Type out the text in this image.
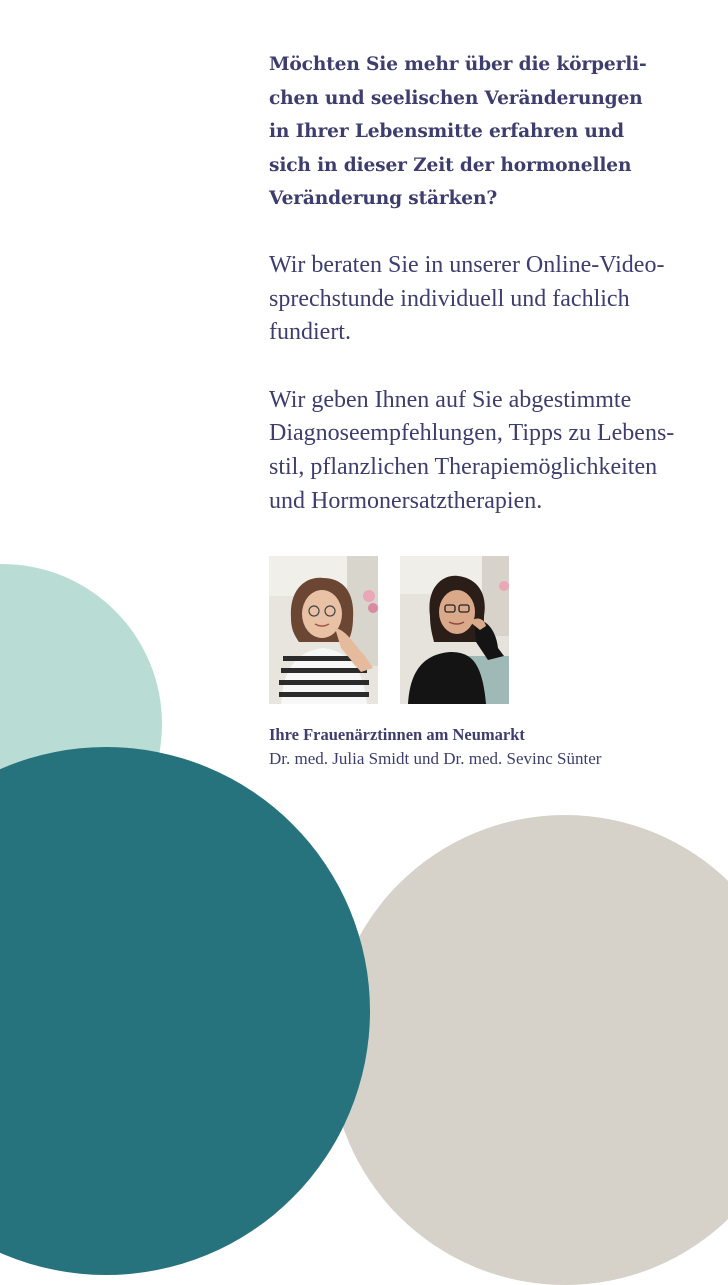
Möchten Sie mehr über die körperli-
chen und seelischen Veränderungen
in Ihrer Lebensmitte erfahren und
sich in dieser Zeit der hormonellen
Veränderung stärken?

Wir beraten Sie in unserer Online-Video-
sprechstunde individuell und fachlich
fundiert.

Wir geben Ihnen auf Sie abgestimmte
Diagnoseempfehlungen, Tipps zu Lebens-
stil, pflanzlichen Therapiemöglichkeiten
und Hormonersatztherapien.

Ihre Frauenärztinnen am Neumarkt
Dr. med. Julia Smidt und Dr. med. Sevinc Sünter
